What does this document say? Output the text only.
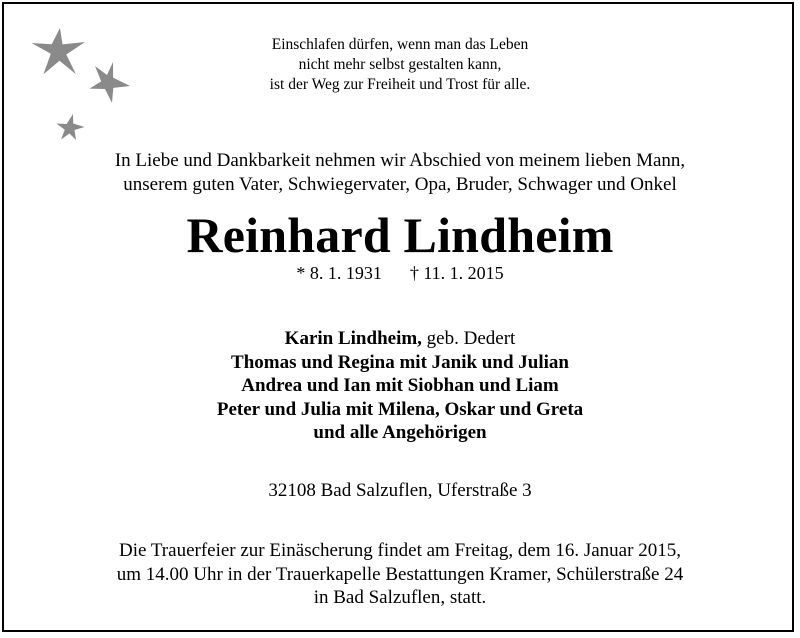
Einschlafen dürfen, wenn man das Leben
nicht mehr selbst gestalten kann,
ist der Weg zur Freiheit und Trost für alle.
In Liebe und Dankbarkeit nehmen wir Abschied von meinem lieben Mann,
unserem guten Vater, Schwiegervater, Opa, Bruder, Schwager und Onkel
Reinhard Lindheim
* 8. 1. 1931 † 11. 1. 2015
Karin Lindheim, geb. Dedert
Thomas und Regina mit Janik und Julian
Andrea und Ian mit Siobhan und Liam
Peter und Julia mit Milena, Oskar und Greta
und alle Angehörigen
32108 Bad Salzuflen, Uferstraße 3
Die Trauerfeier zur Einäscherung findet am Freitag, dem 16. Januar 2015,
um 14.00 Uhr in der Trauerkapelle Bestattungen Kramer, Schülerstraße 24
in Bad Salzuflen, statt.
